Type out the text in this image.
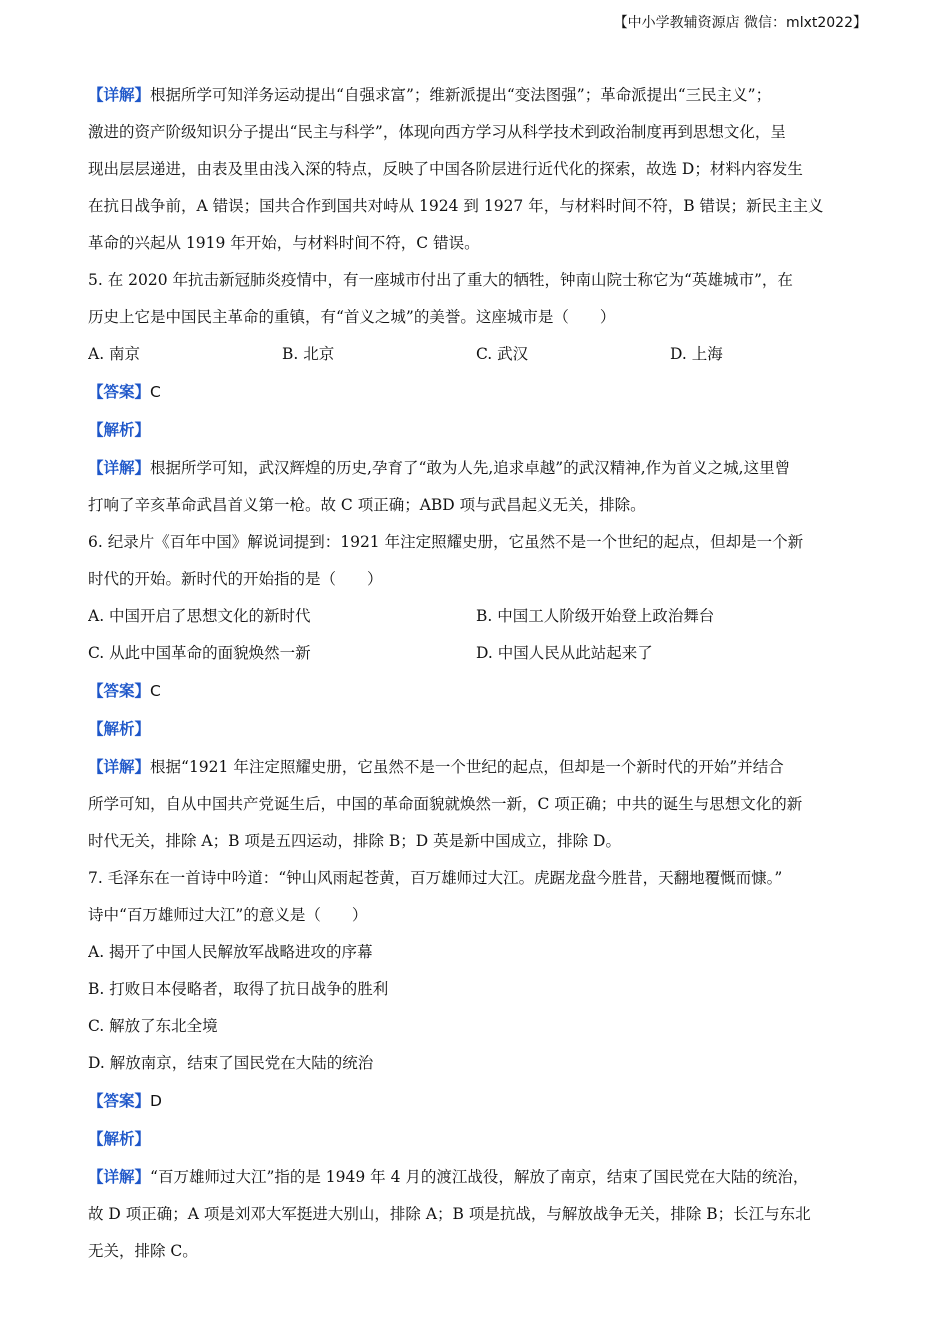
【中小学教辅资源店 微信：mlxt2022】
【详解】根据所学可知洋务运动提出“自强求富”；维新派提出“变法图强”；革命派提出“三民主义”；
激进的资产阶级知识分子提出“民主与科学”，体现向西方学习从科学技术到政治制度再到思想文化，呈
现出层层递进，由表及里由浅入深的特点，反映了中国各阶层进行近代化的探索，故选 D；材料内容发生
在抗日战争前，A 错误；国共合作到国共对峙从 1924 到 1927 年，与材料时间不符，B 错误；新民主主义
革命的兴起从 1919 年开始，与材料时间不符，C 错误。
5. 在 2020 年抗击新冠肺炎疫情中，有一座城市付出了重大的牺牲，钟南山院士称它为“英雄城市”，在
历史上它是中国民主革命的重镇，有“首义之城”的美誉。这座城市是（　　）
A. 南京	B. 北京	C. 武汉	D. 上海
【答案】C
【解析】
【详解】根据所学可知，武汉辉煌的历史,孕育了“敢为人先,追求卓越”的武汉精神,作为首义之城,这里曾
打响了辛亥革命武昌首义第一枪。故 C 项正确；ABD 项与武昌起义无关，排除。
6. 纪录片《百年中国》解说词提到：1921 年注定照耀史册，它虽然不是一个世纪的起点，但却是一个新
时代的开始。新时代的开始指的是（　　）
A. 中国开启了思想文化的新时代	B. 中国工人阶级开始登上政治舞台
C. 从此中国革命的面貌焕然一新	D. 中国人民从此站起来了
【答案】C
【解析】
【详解】根据“1921 年注定照耀史册，它虽然不是一个世纪的起点，但却是一个新时代的开始”并结合
所学可知，自从中国共产党诞生后，中国的革命面貌就焕然一新，C 项正确；中共的诞生与思想文化的新
时代无关，排除 A；B 项是五四运动，排除 B；D 英是新中国成立，排除 D。
7. 毛泽东在一首诗中吟道：“钟山风雨起苍黄，百万雄师过大江。虎踞龙盘今胜昔，天翻地覆慨而慷。”
诗中“百万雄师过大江”的意义是（　　）
A. 揭开了中国人民解放军战略进攻的序幕
B. 打败日本侵略者，取得了抗日战争的胜利
C. 解放了东北全境
D. 解放南京，结束了国民党在大陆的统治
【答案】D
【解析】
【详解】“百万雄师过大江”指的是 1949 年 4 月的渡江战役，解放了南京，结束了国民党在大陆的统治，
故 D 项正确；A 项是刘邓大军挺进大别山，排除 A；B 项是抗战，与解放战争无关，排除 B；长江与东北
无关，排除 C。
